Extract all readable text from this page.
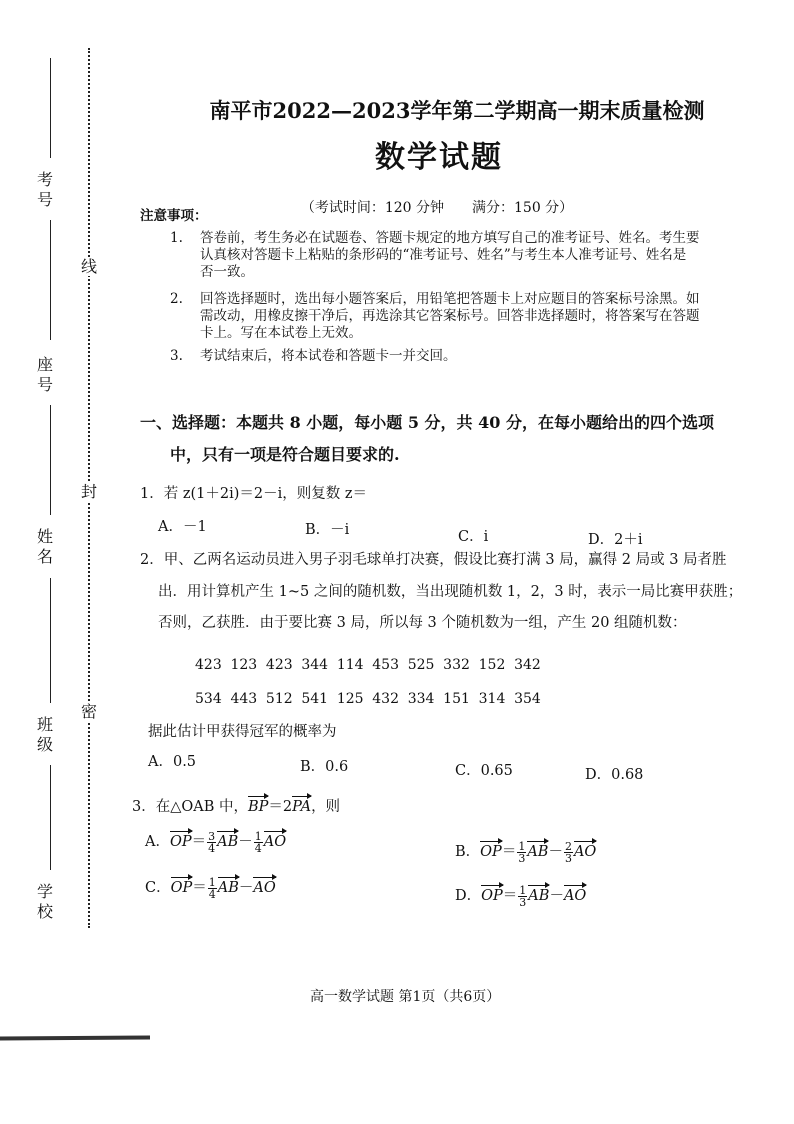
考号
座号
姓名
班级
学校
线
封
密
南平市2022—2023学年第二学期高一期末质量检测
数学试题
（考试时间：120 分钟　　满分：150 分）
注意事项：
1. 答卷前，考生务必在试题卷、答题卡规定的地方填写自己的准考证号、姓名。考生要
认真核对答题卡上粘贴的条形码的“准考证号、姓名”与考生本人准考证号、姓名是
否一致。
2. 回答选择题时，选出每小题答案后，用铅笔把答题卡上对应题目的答案标号涂黑。如
需改动，用橡皮擦干净后，再选涂其它答案标号。回答非选择题时，将答案写在答题
卡上。写在本试卷上无效。
3. 考试结束后，将本试卷和答题卡一并交回。
一、选择题：本题共 8 小题，每小题 5 分，共 40 分，在每小题给出的四个选项
中，只有一项是符合题目要求的.
1．若 z(1＋2i)＝2－i，则复数 z＝
A．－1	B．－i	C．i	D．2＋i
2．甲、乙两名运动员进入男子羽毛球单打决赛，假设比赛打满 3 局，赢得 2 局或 3 局者胜
出．用计算机产生 1~5 之间的随机数，当出现随机数 1，2，3 时，表示一局比赛甲获胜；
否则，乙获胜．由于要比赛 3 局，所以每 3 个随机数为一组，产生 20 组随机数：
423 123 423 344 114 453 525 332 152 342
534 443 512 541 125 432 334 151 314 354
据此估计甲获得冠军的概率为
A．0.5	B．0.6	C．0.65	D．0.68
3．在△OAB 中，BP＝2PA，则
A．$OP= \frac{3}{4} AB- \frac{1}{4}$ AO
B．$OP= \frac{1}{3} AB- \frac{2}{3}$ AO
C．$OP= \frac{1}{4} AB-AO$	D．$OP= \frac{1}{3} AB-AO$
高一数学试题 第1页（共6页）
